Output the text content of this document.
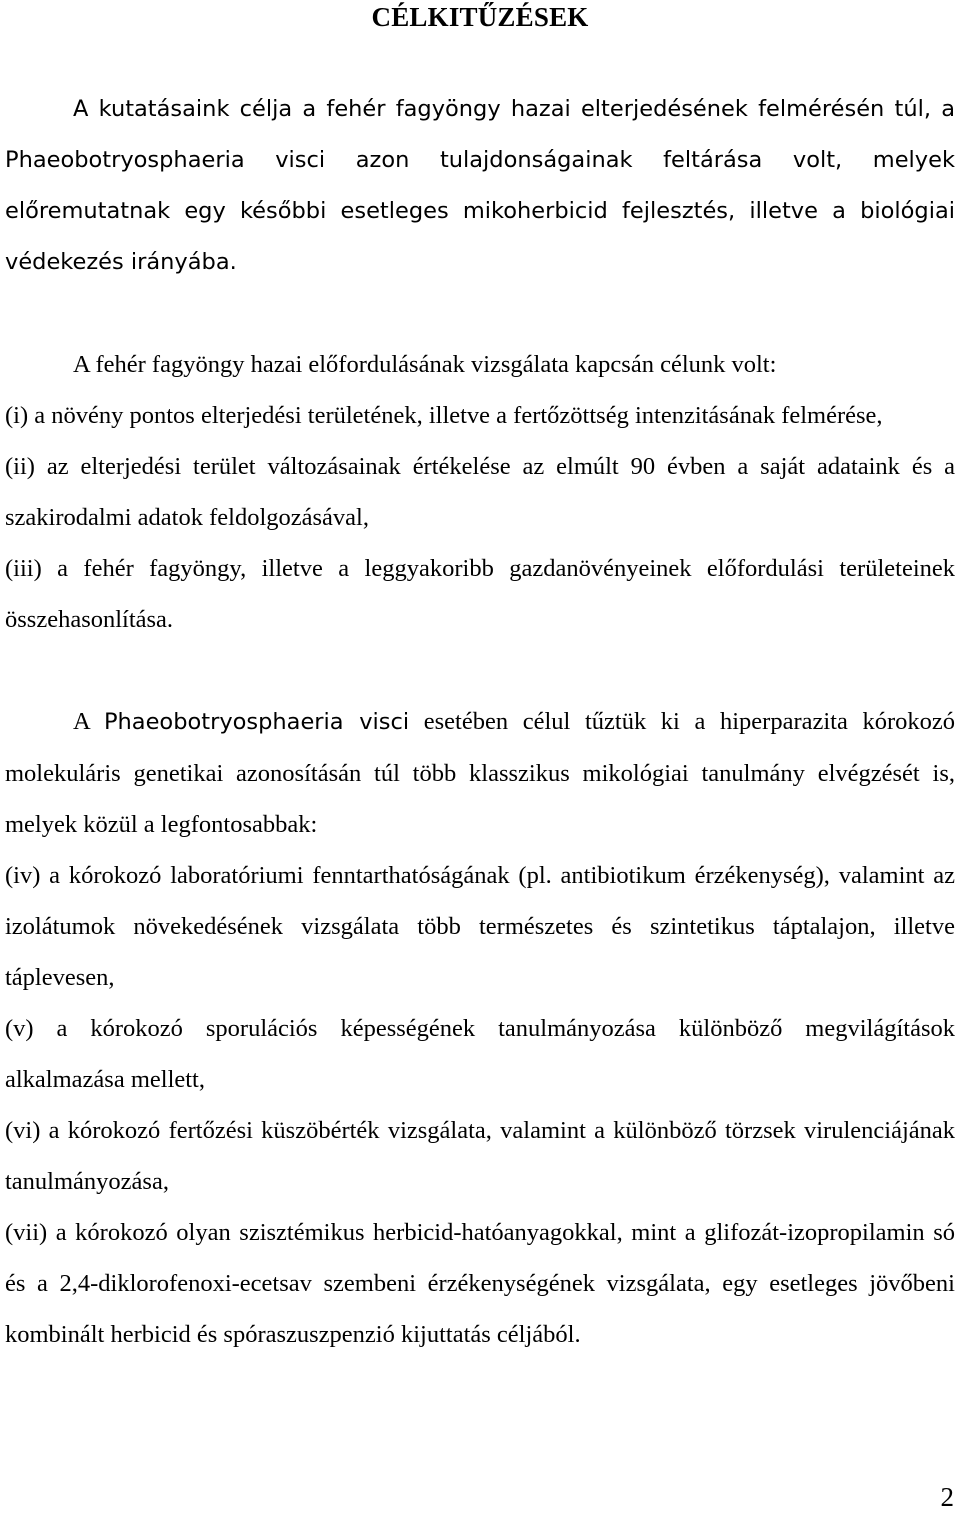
CÉLKITŰZÉSEK

A kutatásaink célja a fehér fagyöngy hazai elterjedésének felmérésén túl, a Phaeobotryosphaeria visci azon tulajdonságainak feltárása volt, melyek előremutatnak egy későbbi esetleges mikoherbicid fejlesztés, illetve a biológiai védekezés irányába.

A fehér fagyöngy hazai előfordulásának vizsgálata kapcsán célunk volt:

(i) a növény pontos elterjedési területének, illetve a fertőzöttség intenzitásának felmérése,

(ii) az elterjedési terület változásainak értékelése az elmúlt 90 évben a saját adataink és a szakirodalmi adatok feldolgozásával,

(iii) a fehér fagyöngy, illetve a leggyakoribb gazdanövényeinek előfordulási területeinek összehasonlítása.

A Phaeobotryosphaeria visci esetében célul tűztük ki a hiperparazita kórokozó molekuláris genetikai azonosításán túl több klasszikus mikológiai tanulmány elvégzését is, melyek közül a legfontosabbak:

(iv) a kórokozó laboratóriumi fenntarthatóságának (pl. antibiotikum érzékenység), valamint az izolátumok növekedésének vizsgálata több természetes és szintetikus táptalajon, illetve táplevesen,

(v) a kórokozó sporulációs képességének tanulmányozása különböző megvilágítások alkalmazása mellett,

(vi) a kórokozó fertőzési küszöbérték vizsgálata, valamint a különböző törzsek virulenciájának tanulmányozása,

(vii) a kórokozó olyan szisztémikus herbicid-hatóanyagokkal, mint a glifozát-izopropilamin só és a 2,4-diklorofenoxi-ecetsav szembeni érzékenységének vizsgálata, egy esetleges jövőbeni kombinált herbicid és spóraszuszpenzió kijuttatás céljából.

2
